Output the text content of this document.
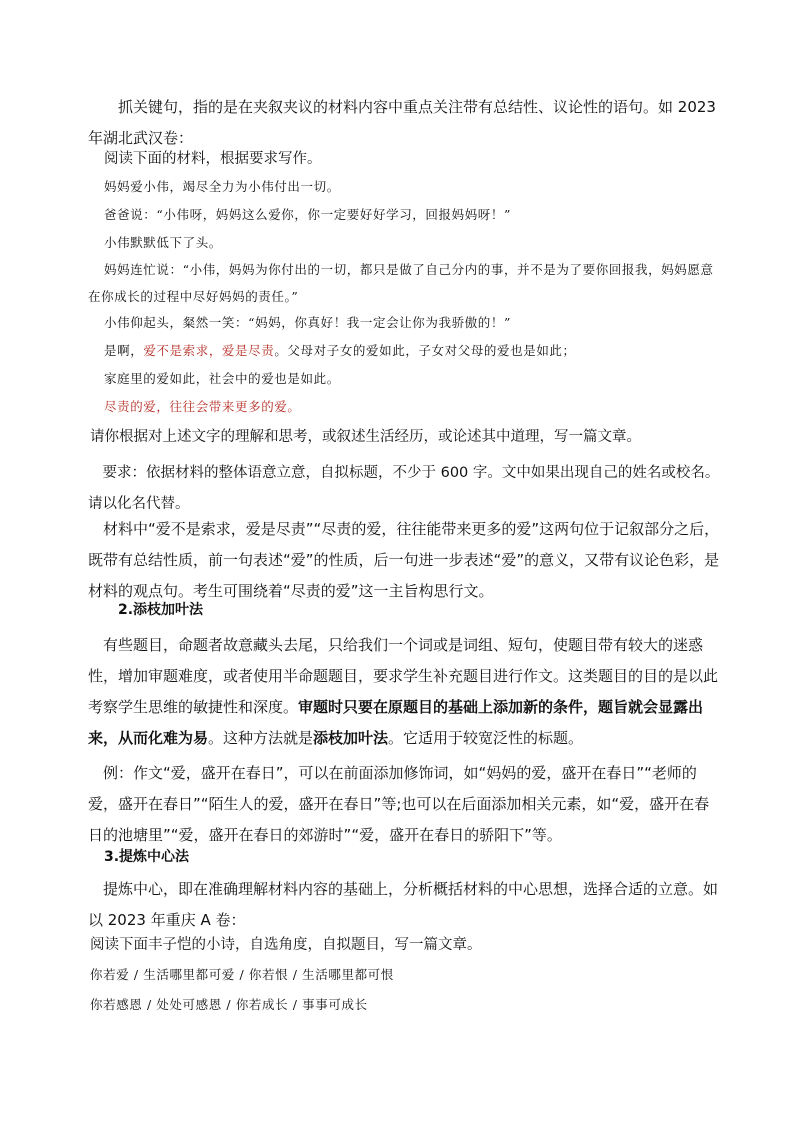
抓关键句，指的是在夹叙夹议的材料内容中重点关注带有总结性、议论性的语句。如 2023 年湖北武汉卷：

阅读下面的材料，根据要求写作。

妈妈爱小伟，竭尽全力为小伟付出一切。

爸爸说：“小伟呀，妈妈这么爱你，你一定要好好学习，回报妈妈呀！”

小伟默默低下了头。

妈妈连忙说：“小伟，妈妈为你付出的一切，都只是做了自己分内的事，并不是为了要你回报我，妈妈愿意在你成长的过程中尽好妈妈的责任。”

小伟仰起头，粲然一笑：“妈妈，你真好！我一定会让你为我骄傲的！”

是啊，爱不是索求，爱是尽责。父母对子女的爱如此，子女对父母的爱也是如此；

家庭里的爱如此，社会中的爱也是如此。

尽责的爱，往往会带来更多的爱。

请你根据对上述文字的理解和思考，或叙述生活经历，或论述其中道理，写一篇文章。

要求：依据材料的整体语意立意，自拟标题，不少于 600 字。文中如果出现自己的姓名或校名。请以化名代替。

材料中“爱不是索求，爱是尽责”“尽责的爱，往往能带来更多的爱”这两句位于记叙部分之后，既带有总结性质，前一句表述“爱”的性质，后一句进一步表述“爱”的意义，又带有议论色彩，是材料的观点句。考生可围绕着“尽责的爱”这一主旨构思行文。

2.添枝加叶法

有些题目，命题者故意藏头去尾，只给我们一个词或是词组、短句，使题目带有较大的迷惑性，增加审题难度，或者使用半命题题目，要求学生补充题目进行作文。这类题目的目的是以此考察学生思维的敏捷性和深度。审题时只要在原题目的基础上添加新的条件，题旨就会显露出来，从而化难为易。这种方法就是添枝加叶法。它适用于较宽泛性的标题。

例：作文“爱，盛开在春日”，可以在前面添加修饰词，如“妈妈的爱，盛开在春日”“老师的爱，盛开在春日”“陌生人的爱，盛开在春日”等;也可以在后面添加相关元素，如“爱，盛开在春日的池塘里”“爱，盛开在春日的郊游时”“爱，盛开在春日的骄阳下”等。

3.提炼中心法

提炼中心，即在准确理解材料内容的基础上，分析概括材料的中心思想，选择合适的立意。如以 2023 年重庆 A 卷：

阅读下面丰子恺的小诗，自选角度，自拟题目，写一篇文章。

你若爱 / 生活哪里都可爱 / 你若恨 / 生活哪里都可恨

你若感恩 / 处处可感恩 / 你若成长 / 事事可成长
